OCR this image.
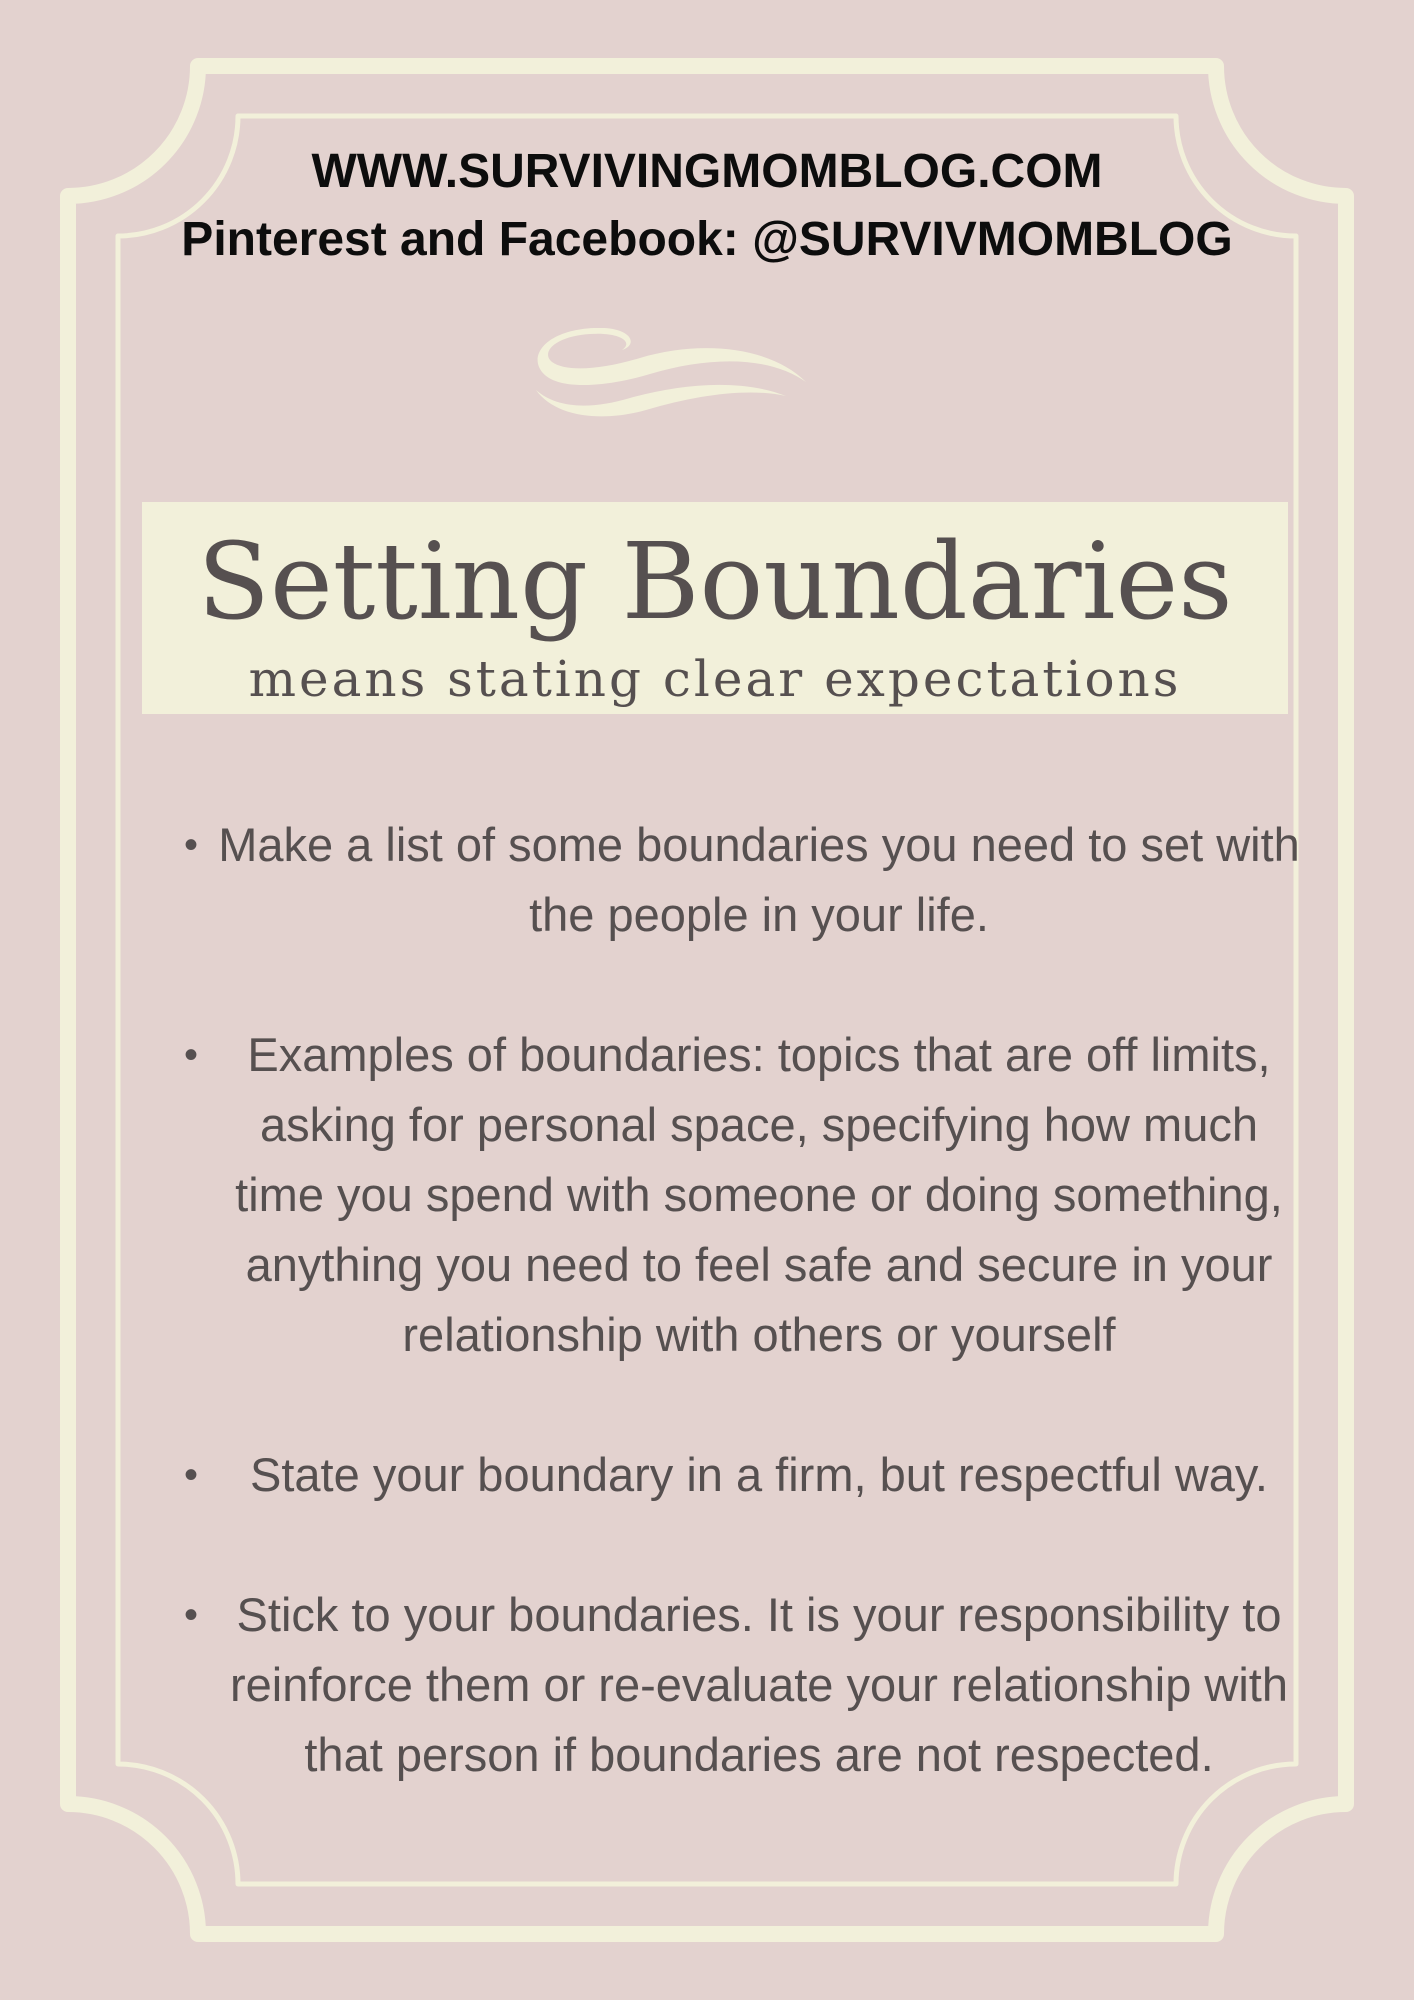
WWW.SURVIVINGMOMBLOG.COM
Pinterest and Facebook: @SURVIVMOMBLOG
Setting Boundaries
means stating clear expectations
• Make a list of some boundaries you need to set with the people in your life.
• Examples of boundaries: topics that are off limits, asking for personal space, specifying how much time you spend with someone or doing something, anything you need to feel safe and secure in your relationship with others or yourself
• State your boundary in a firm, but respectful way.
• Stick to your boundaries. It is your responsibility to reinforce them or re-evaluate your relationship with that person if boundaries are not respected.
